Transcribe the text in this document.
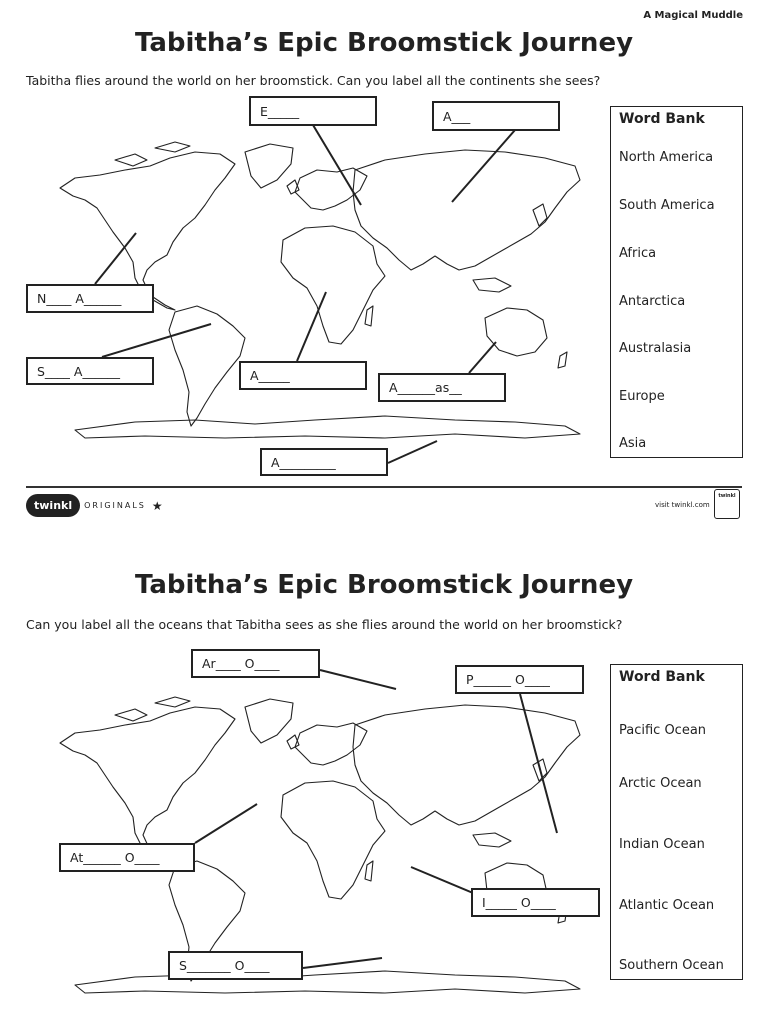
A Magical Muddle
Tabitha’s Epic Broomstick Journey
Tabitha flies around the world on her broomstick. Can you label all the continents she sees?
E_____	A___
N____ A______
S____ A______	A_____
A______as__
A_________
Word Bank
North America
South America
Africa
Antarctica
Australasia
Europe
Asia
twinkl	ORIGINALS ★	visit twinkl.com
twinkl
Tabitha’s Epic Broomstick Journey
Can you label all the oceans that Tabitha sees as she flies around the world on her broomstick?
Ar____ O____
P______ O____
At______ O____
I_____ O____
S_______ O____
Word Bank
Pacific Ocean
Arctic Ocean
Indian Ocean
Atlantic Ocean
Southern Ocean
